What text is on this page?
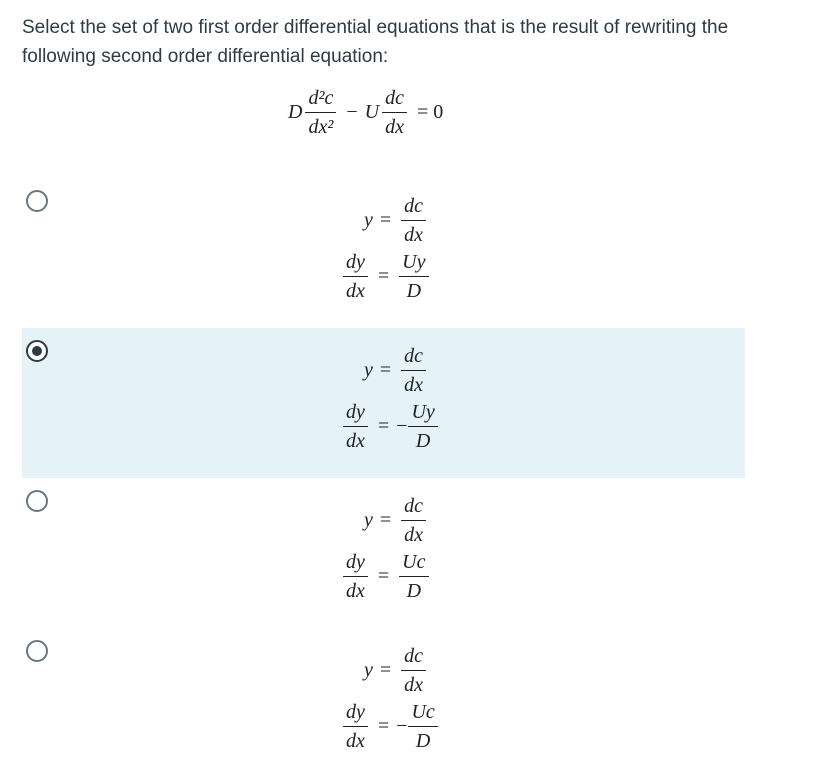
Select the set of two first order differential equations that is the result of rewriting the following second order differential equation:

D $\frac{\text{d²c}}{\text{dx²}} - U \frac{dc}{dx} = 0$
$y = \frac{dc}{dx}$
$\frac{dy}{dx} = \frac{Uy}{D}$
$y = \frac{dc}{dx}$
$\frac{dy}{dx}$ = − $\frac{Uy}{D}$
$y = \frac{dc}{dx}$
$\frac{dy}{dx} = \frac{Uc}{D}$
$y = \frac{dc}{dx}$
$\frac{dy}{dx}$ = − $\frac{Uc}{D}$
